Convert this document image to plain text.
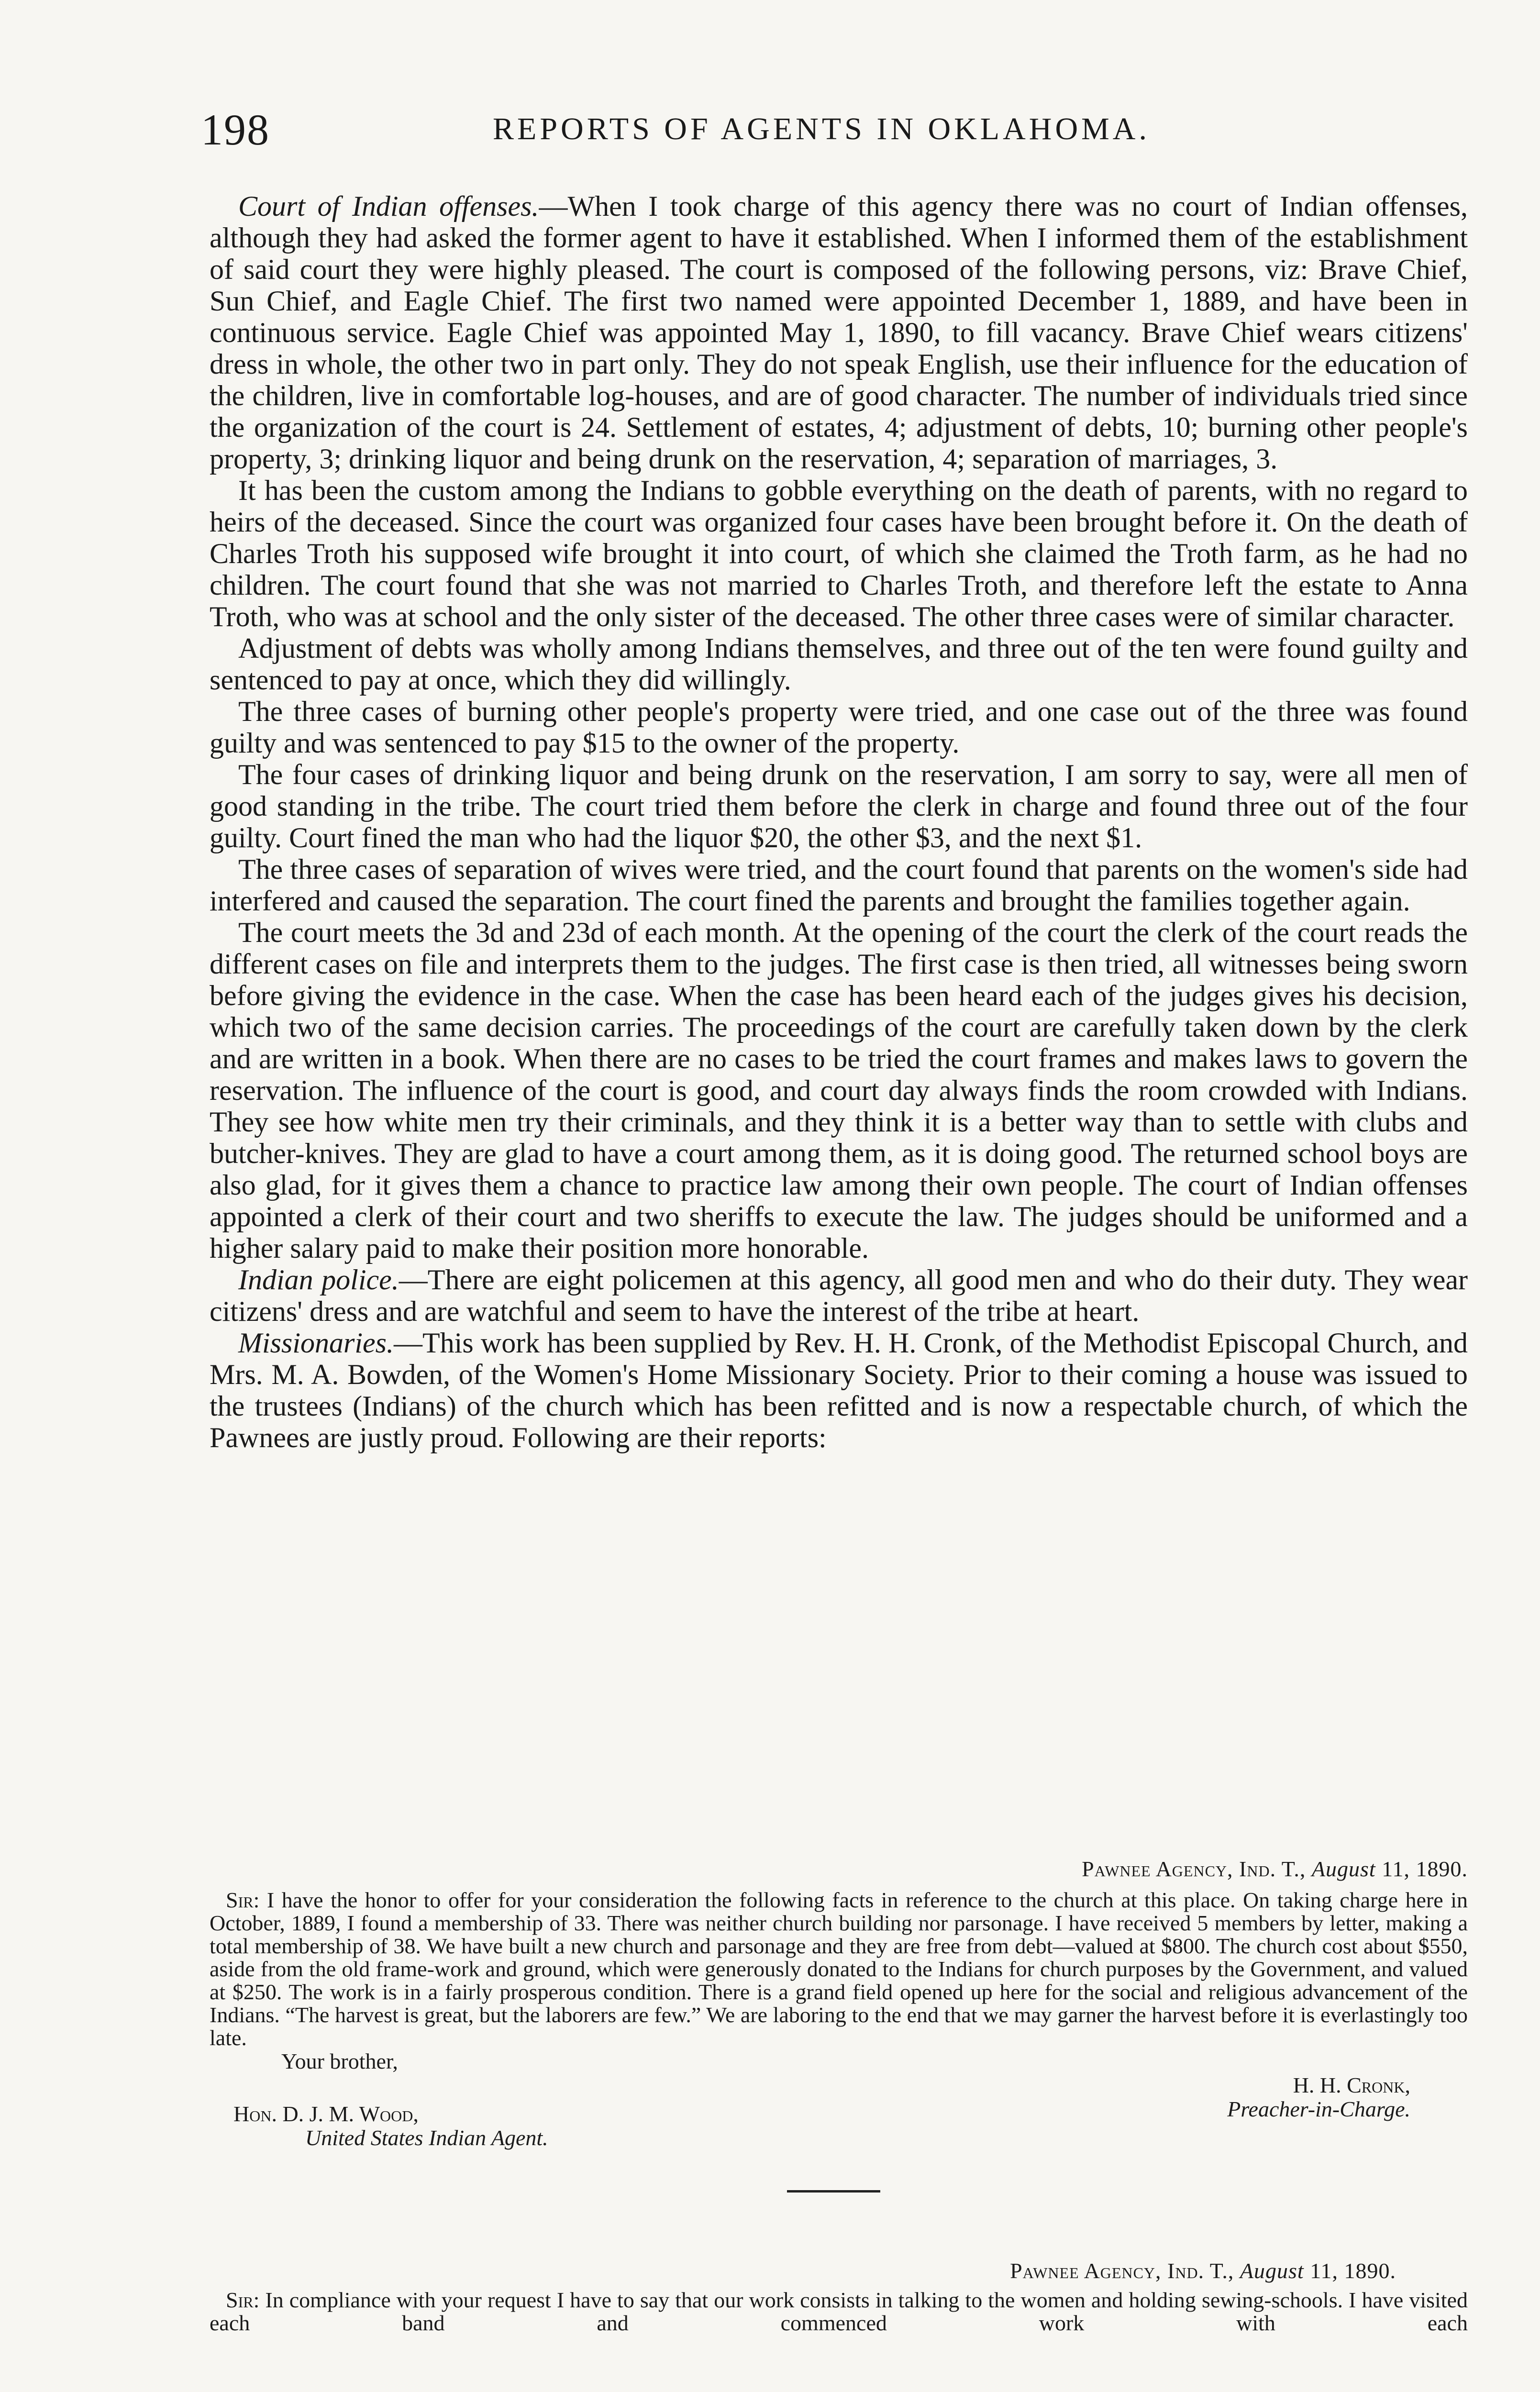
198	REPORTS OF AGENTS IN OKLAHOMA.

Court of Indian offenses.—When I took charge of this agency there was no court of Indian offenses, although they had asked the former agent to have it established. When I informed them of the establishment of said court they were highly pleased. The court is composed of the following persons, viz: Brave Chief, Sun Chief, and Eagle Chief. The first two named were appointed December 1, 1889, and have been in continuous service. Eagle Chief was appointed May 1, 1890, to fill vacancy. Brave Chief wears citizens' dress in whole, the other two in part only. They do not speak English, use their influence for the education of the children, live in comfortable log-houses, and are of good character. The number of individuals tried since the organization of the court is 24. Settlement of estates, 4; adjustment of debts, 10; burning other people's property, 3; drinking liquor and being drunk on the reservation, 4; separation of marriages, 3.

It has been the custom among the Indians to gobble everything on the death of parents, with no regard to heirs of the deceased. Since the court was organized four cases have been brought before it. On the death of Charles Troth his supposed wife brought it into court, of which she claimed the Troth farm, as he had no children. The court found that she was not married to Charles Troth, and therefore left the estate to Anna Troth, who was at school and the only sister of the deceased. The other three cases were of similar character.

Adjustment of debts was wholly among Indians themselves, and three out of the ten were found guilty and sentenced to pay at once, which they did willingly.

The three cases of burning other people's property were tried, and one case out of the three was found guilty and was sentenced to pay $15 to the owner of the property.

The four cases of drinking liquor and being drunk on the reservation, I am sorry to say, were all men of good standing in the tribe. The court tried them before the clerk in charge and found three out of the four guilty. Court fined the man who had the liquor $20, the other $3, and the next $1.

The three cases of separation of wives were tried, and the court found that parents on the women's side had interfered and caused the separation. The court fined the parents and brought the families together again.

The court meets the 3d and 23d of each month. At the opening of the court the clerk of the court reads the different cases on file and interprets them to the judges. The first case is then tried, all witnesses being sworn before giving the evidence in the case. When the case has been heard each of the judges gives his decision, which two of the same decision carries. The proceedings of the court are carefully taken down by the clerk and are written in a book. When there are no cases to be tried the court frames and makes laws to govern the reservation. The influence of the court is good, and court day always finds the room crowded with Indians. They see how white men try their criminals, and they think it is a better way than to settle with clubs and butcher-knives. They are glad to have a court among them, as it is doing good. The returned school boys are also glad, for it gives them a chance to practice law among their own people. The court of Indian offenses appointed a clerk of their court and two sheriffs to execute the law. The judges should be uniformed and a higher salary paid to make their position more honorable.

Indian police.—There are eight policemen at this agency, all good men and who do their duty. They wear citizens' dress and are watchful and seem to have the interest of the tribe at heart.

Missionaries.—This work has been supplied by Rev. H. H. Cronk, of the Methodist Episcopal Church, and Mrs. M. A. Bowden, of the Women's Home Missionary Society. Prior to their coming a house was issued to the trustees (Indians) of the church which has been refitted and is now a respectable church, of which the Pawnees are justly proud. Following are their reports:

Pawnee Agency, Ind. T., August 11, 1890.

Sir: I have the honor to offer for your consideration the following facts in reference to the church at this place. On taking charge here in October, 1889, I found a membership of 33. There was neither church building nor parsonage. I have received 5 members by letter, making a total membership of 38. We have built a new church and parsonage and they are free from debt—valued at $800. The church cost about $550, aside from the old frame-work and ground, which were generously donated to the Indians for church purposes by the Government, and valued at $250. The work is in a fairly prosperous condition. There is a grand field opened up here for the social and religious advancement of the Indians. “The harvest is great, but the laborers are few.” We are laboring to the end that we may garner the harvest before it is everlastingly too late.

Your brother,

H. H. Cronk,
Preacher-in-Charge.
Hon. D. J. M. Wood,
United States Indian Agent.

Pawnee Agency, Ind. T., August 11, 1890.

Sir: In compliance with your request I have to say that our work consists in talking to the women and holding sewing-schools. I have visited each band and commenced work with each
